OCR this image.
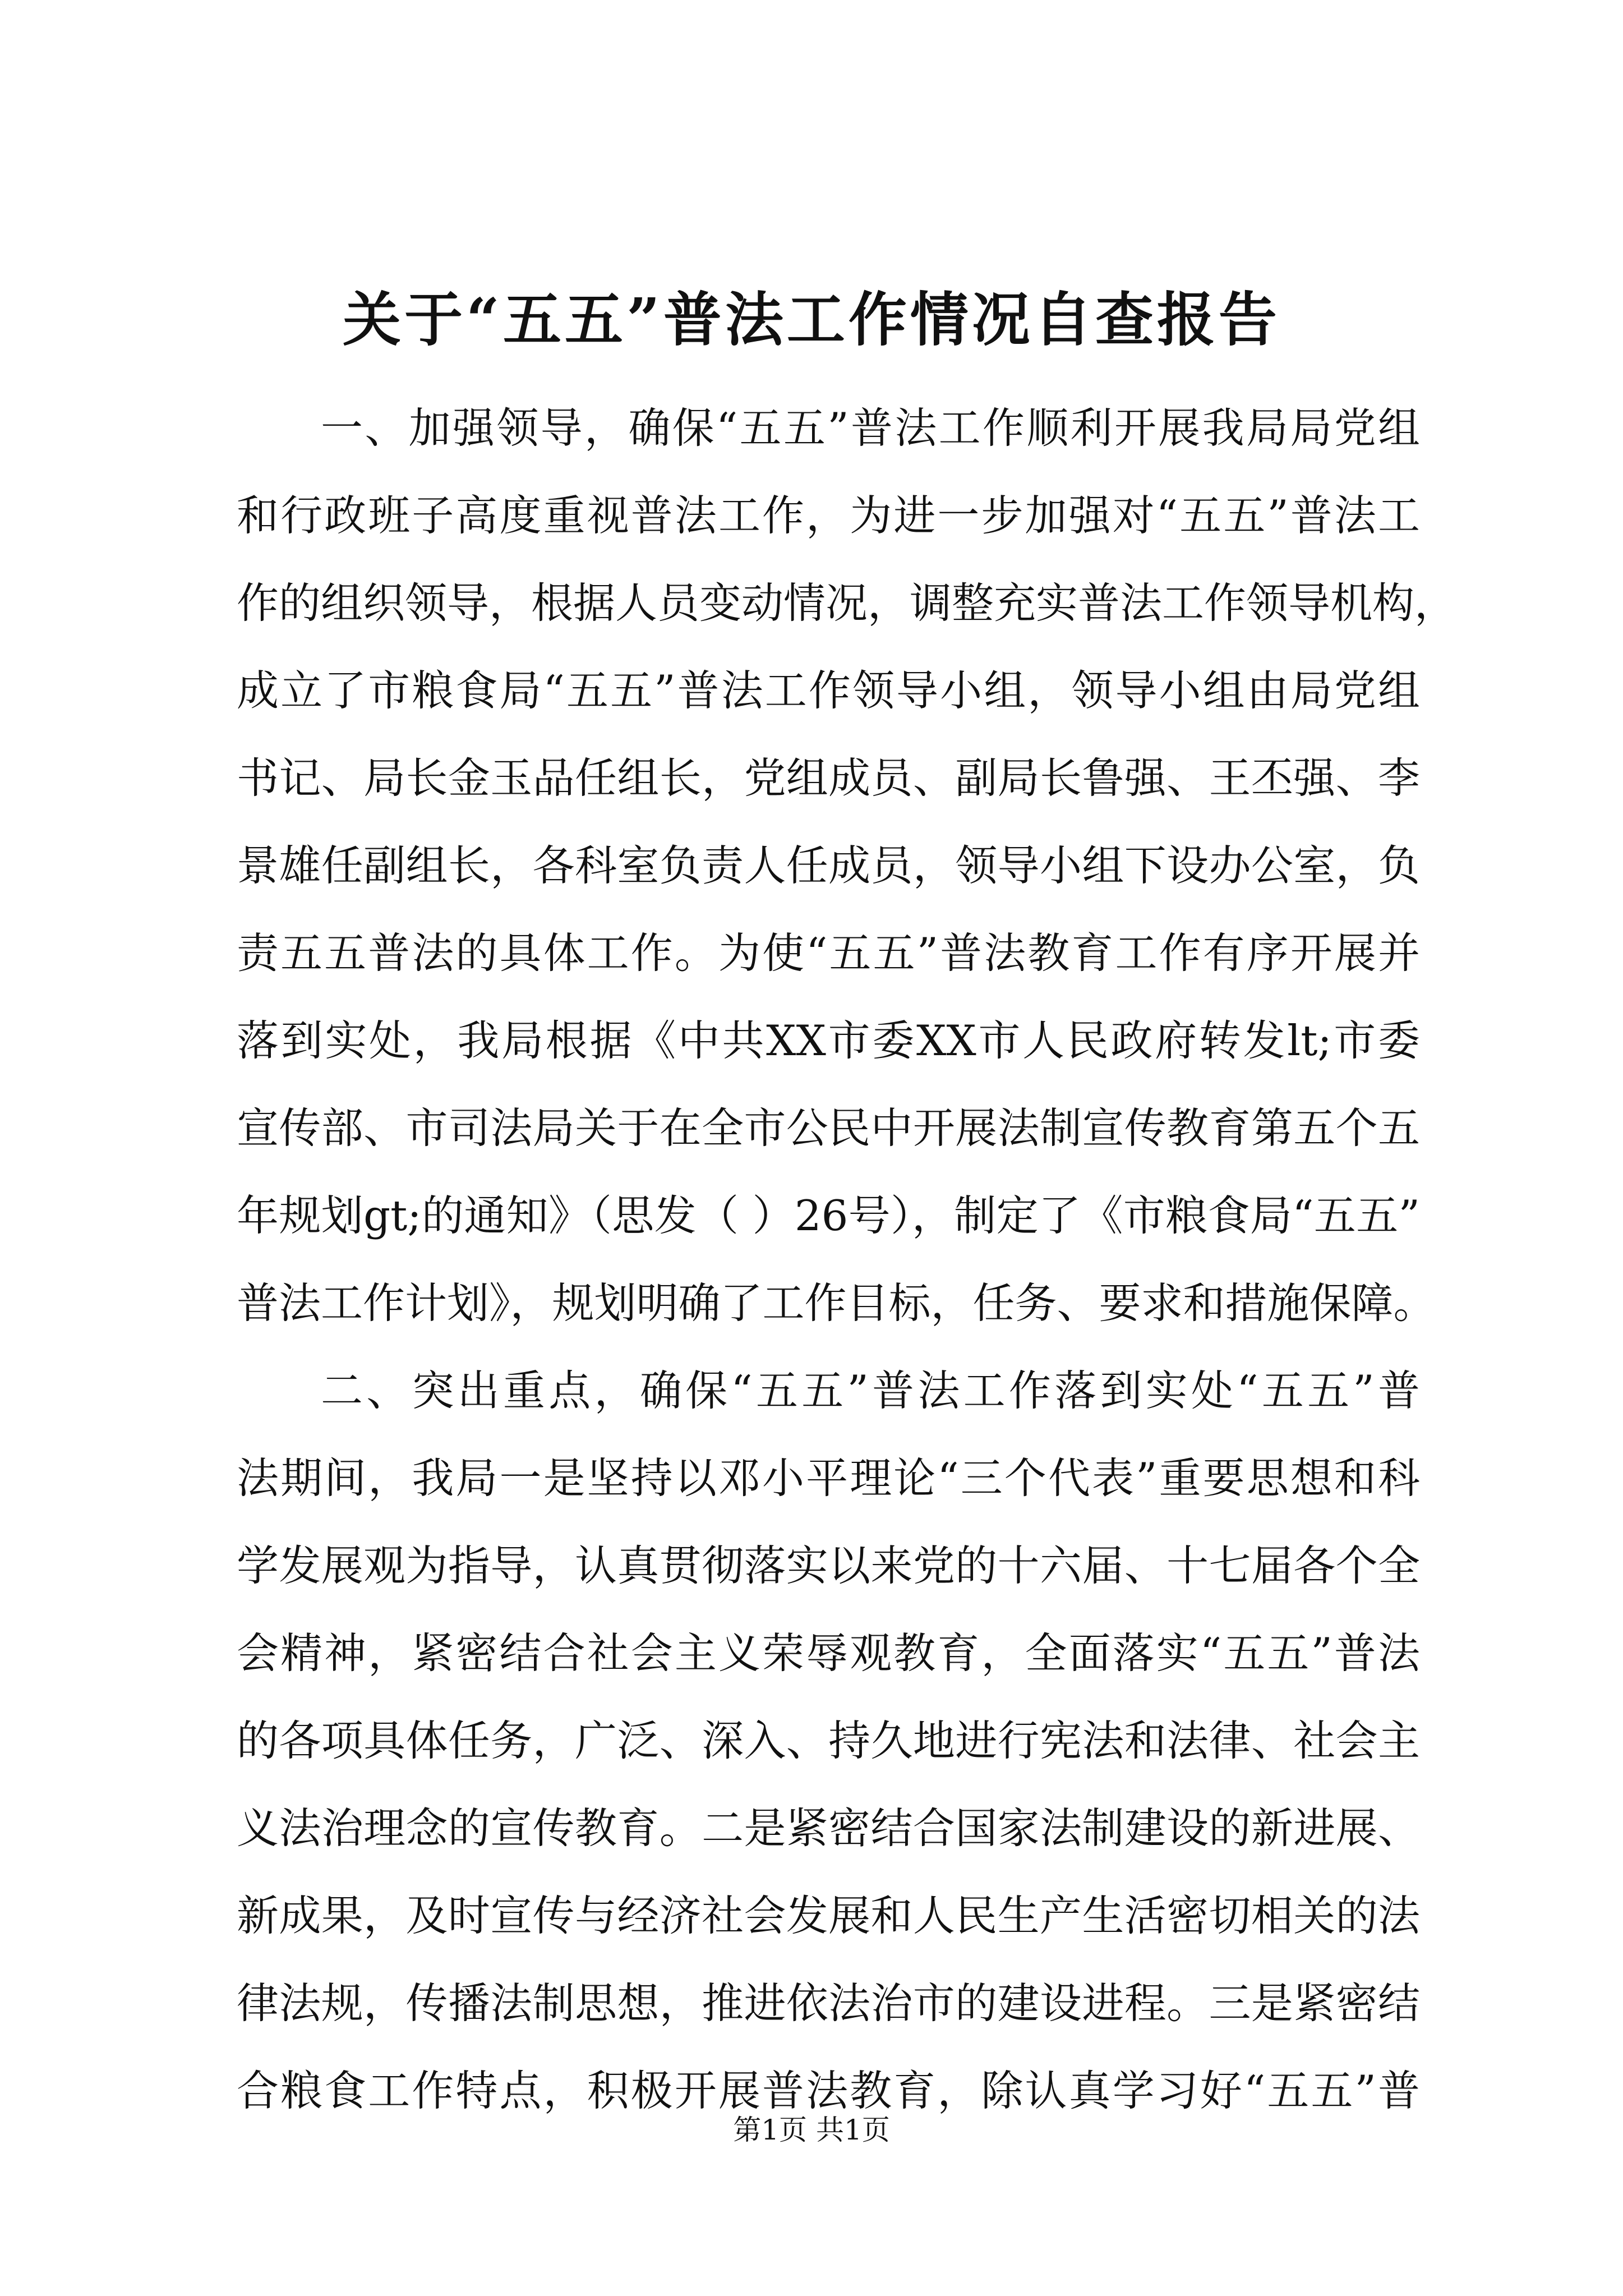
关于“五五”普法工作情况自查报告
一、加强领导，确保“五五”普法工作顺利开展我局局党组
和行政班子高度重视普法工作，为进一步加强对“五五”普法工
作的组织领导，根据人员变动情况，调整充实普法工作领导机构，
成立了市粮食局“五五”普法工作领导小组，领导小组由局党组
书记、局长金玉品任组长，党组成员、副局长鲁强、王丕强、李
景雄任副组长，各科室负责人任成员，领导小组下设办公室，负
责五五普法的具体工作。为使“五五”普法教育工作有序开展并
落到实处，我局根据《中共XX市委XX市人民政府转发lt;市委
宣传部、市司法局关于在全市公民中开展法制宣传教育第五个五
年规划gt;的通知》（思发（ ）26号），制定了《市粮食局“五五”
普法工作计划》，规划明确了工作目标，任务、要求和措施保障。
二、突出重点，确保“五五”普法工作落到实处“五五”普
法期间，我局一是坚持以邓小平理论“三个代表”重要思想和科
学发展观为指导，认真贯彻落实以来党的十六届、十七届各个全
会精神，紧密结合社会主义荣辱观教育，全面落实“五五”普法
的各项具体任务，广泛、深入、持久地进行宪法和法律、社会主
义法治理念的宣传教育。二是紧密结合国家法制建设的新进展、
新成果，及时宣传与经济社会发展和人民生产生活密切相关的法
律法规，传播法制思想，推进依法治市的建设进程。三是紧密结
合粮食工作特点，积极开展普法教育，除认真学习好“五五”普
第1页 共1页
